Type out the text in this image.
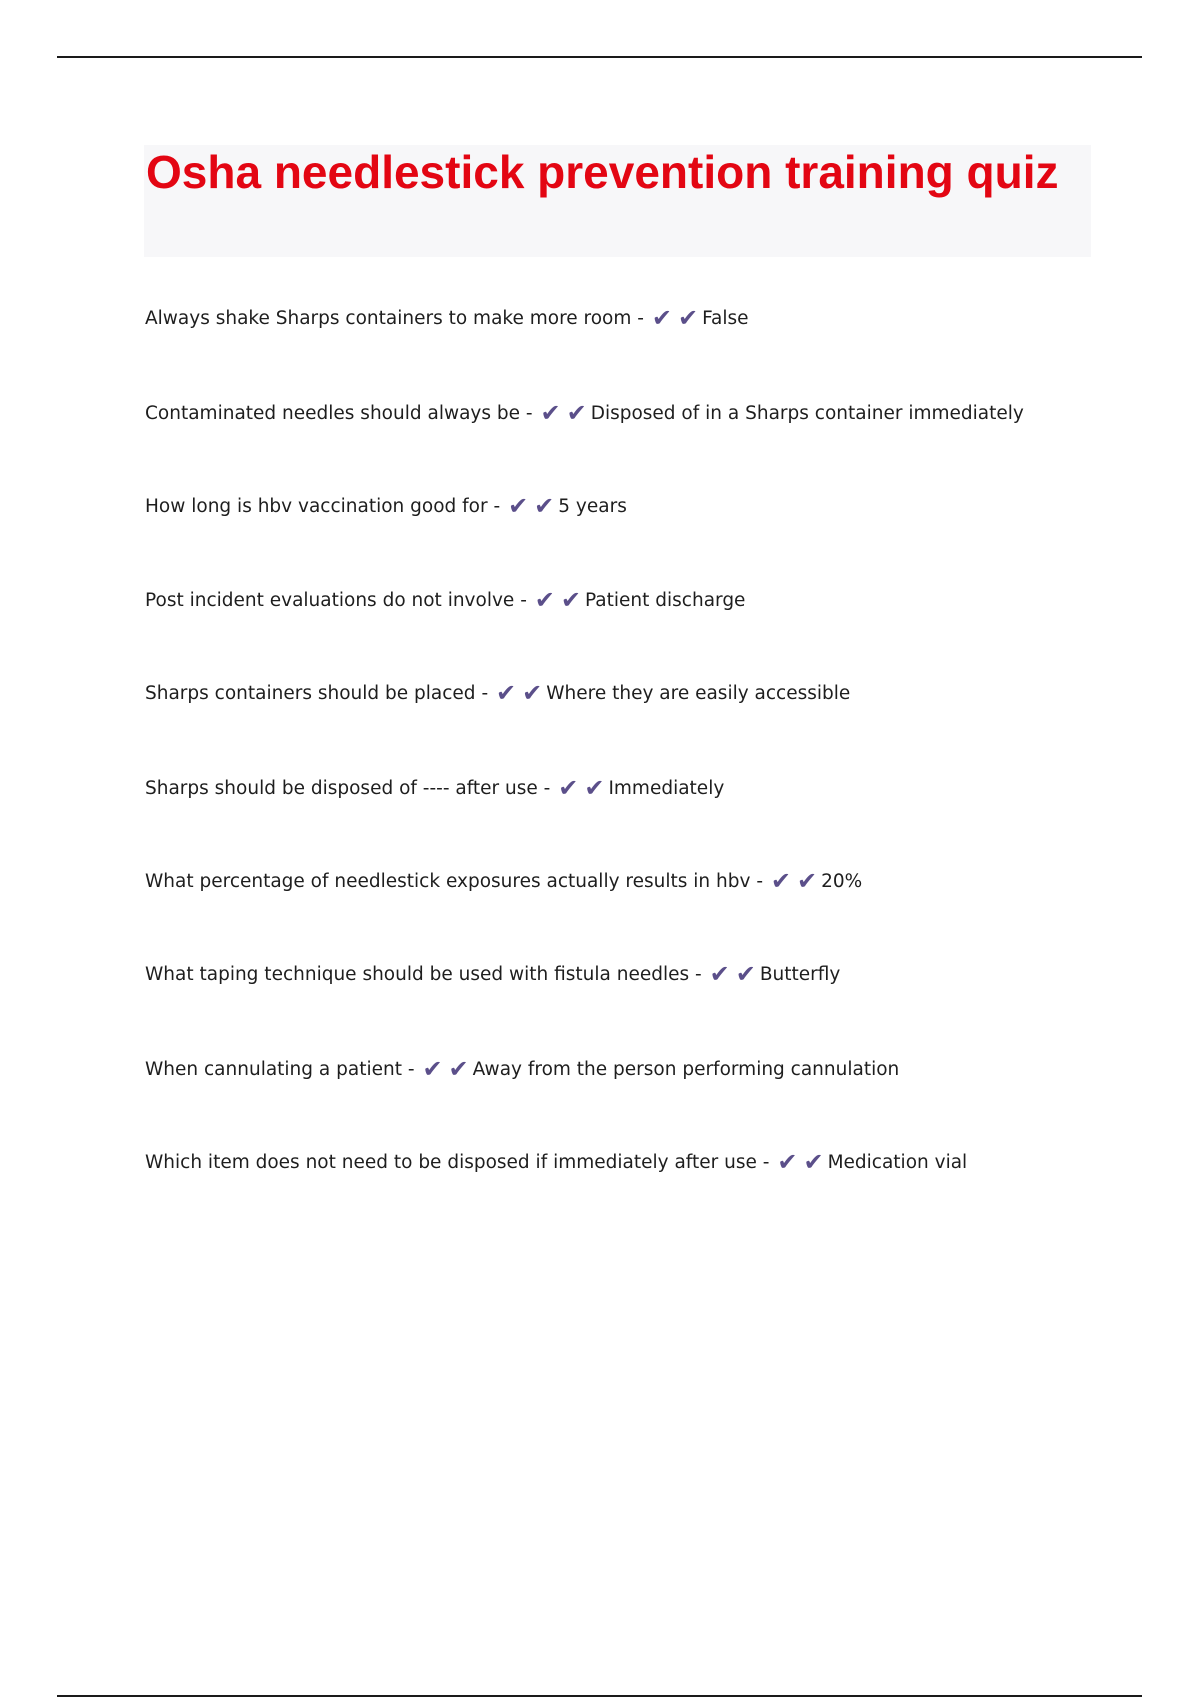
Osha needlestick prevention training quiz
Always shake Sharps containers to make more room - ✔ ✔ False
Contaminated needles should always be - ✔ ✔ Disposed of in a Sharps container immediately
How long is hbv vaccination good for - ✔ ✔ 5 years
Post incident evaluations do not involve - ✔ ✔ Patient discharge
Sharps containers should be placed - ✔ ✔ Where they are easily accessible
Sharps should be disposed of ---- after use - ✔ ✔ Immediately
What percentage of needlestick exposures actually results in hbv - ✔ ✔ 20%
What taping technique should be used with fistula needles - ✔ ✔ Butterfly
When cannulating a patient - ✔ ✔ Away from the person performing cannulation
Which item does not need to be disposed if immediately after use - ✔ ✔ Medication vial
